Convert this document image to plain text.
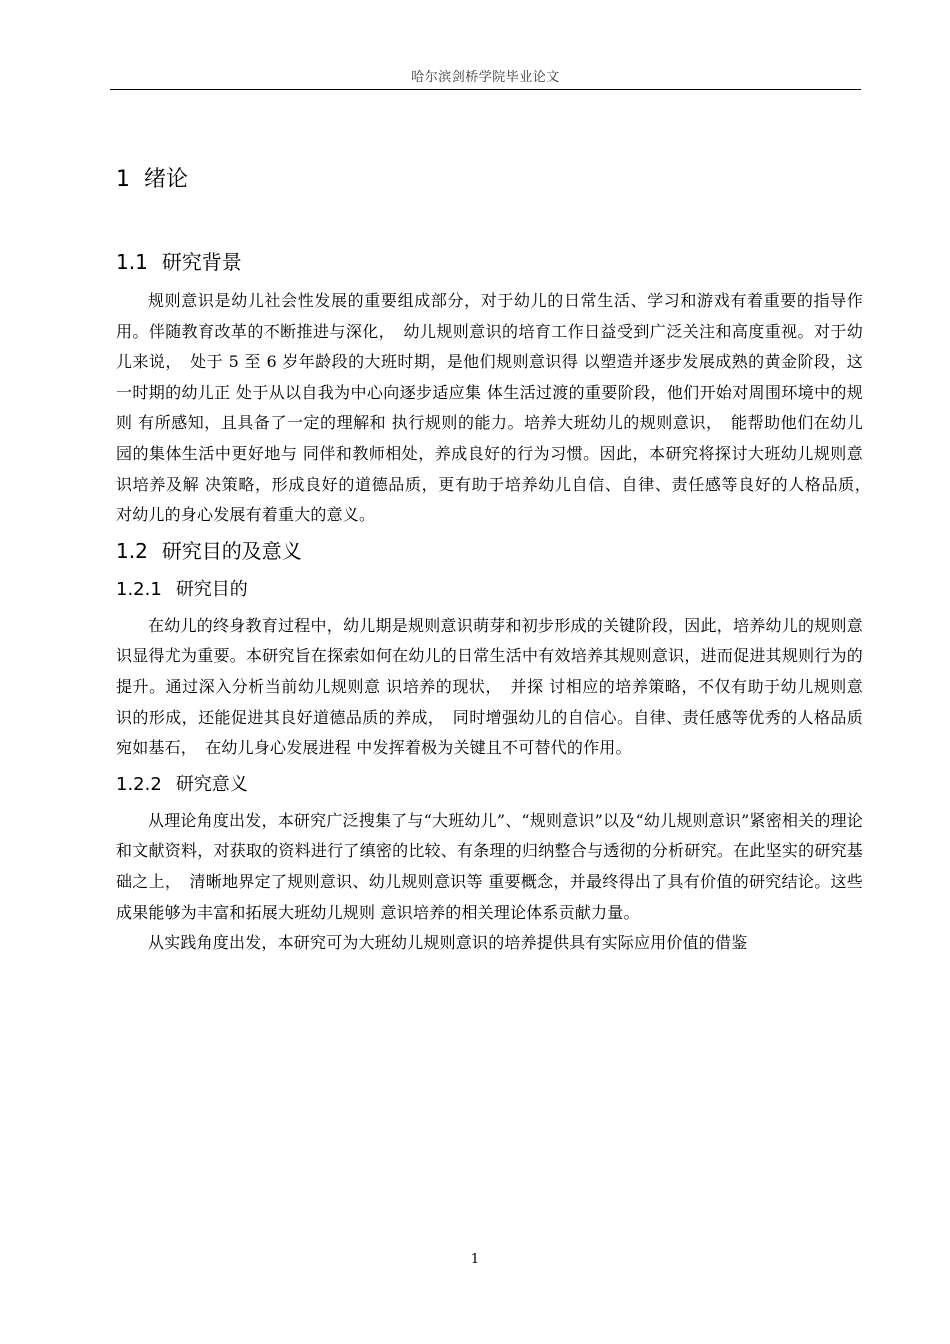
哈尔滨剑桥学院毕业论文
1 绪论
1.1 研究背景

规则意识是幼儿社会性发展的重要组成部分，对于幼儿的日常生活、学习和游戏有着重要的指导作用。伴随教育改革的不断推进与深化，　幼儿规则意识的培育工作日益受到广泛关注和高度重视。对于幼儿来说，　处于 5 至 6 岁年龄段的大班时期，是他们规则意识得 以塑造并逐步发展成熟的黄金阶段，这一时期的幼儿正 处于从以自我为中心向逐步适应集 体生活过渡的重要阶段，他们开始对周围环境中的规则 有所感知，且具备了一定的理解和 执行规则的能力。培养大班幼儿的规则意识，　能帮助他们在幼儿园的集体生活中更好地与 同伴和教师相处，养成良好的行为习惯。因此，本研究将探讨大班幼儿规则意识培养及解 决策略，形成良好的道德品质，更有助于培养幼儿自信、自律、责任感等良好的人格品质，　对幼儿的身心发展有着重大的意义。

1.2 研究目的及意义
1.2.1 研究目的

在幼儿的终身教育过程中，幼儿期是规则意识萌芽和初步形成的关键阶段，因此，培养幼儿的规则意识显得尤为重要。本研究旨在探索如何在幼儿的日常生活中有效培养其规则意识，进而促进其规则行为的提升。通过深入分析当前幼儿规则意 识培养的现状，　并探 讨相应的培养策略，不仅有助于幼儿规则意识的形成，还能促进其良好道德品质的养成，　同时增强幼儿的自信心。自律、责任感等优秀的人格品质宛如基石，　在幼儿身心发展进程 中发挥着极为关键且不可替代的作用。

1.2.2 研究意义

从理论角度出发，本研究广泛搜集了与“大班幼儿”、“规则意识”以及“幼儿规则意识”紧密相关的理论和文献资料，对获取的资料进行了缜密的比较、有条理的归纳整合与透彻的分析研究。在此坚实的研究基础之上，　清晰地界定了规则意识、幼儿规则意识等 重要概念，并最终得出了具有价值的研究结论。这些成果能够为丰富和拓展大班幼儿规则 意识培养的相关理论体系贡献力量。

从实践角度出发，本研究可为大班幼儿规则意识的培养提供具有实际应用价值的借鉴

1
